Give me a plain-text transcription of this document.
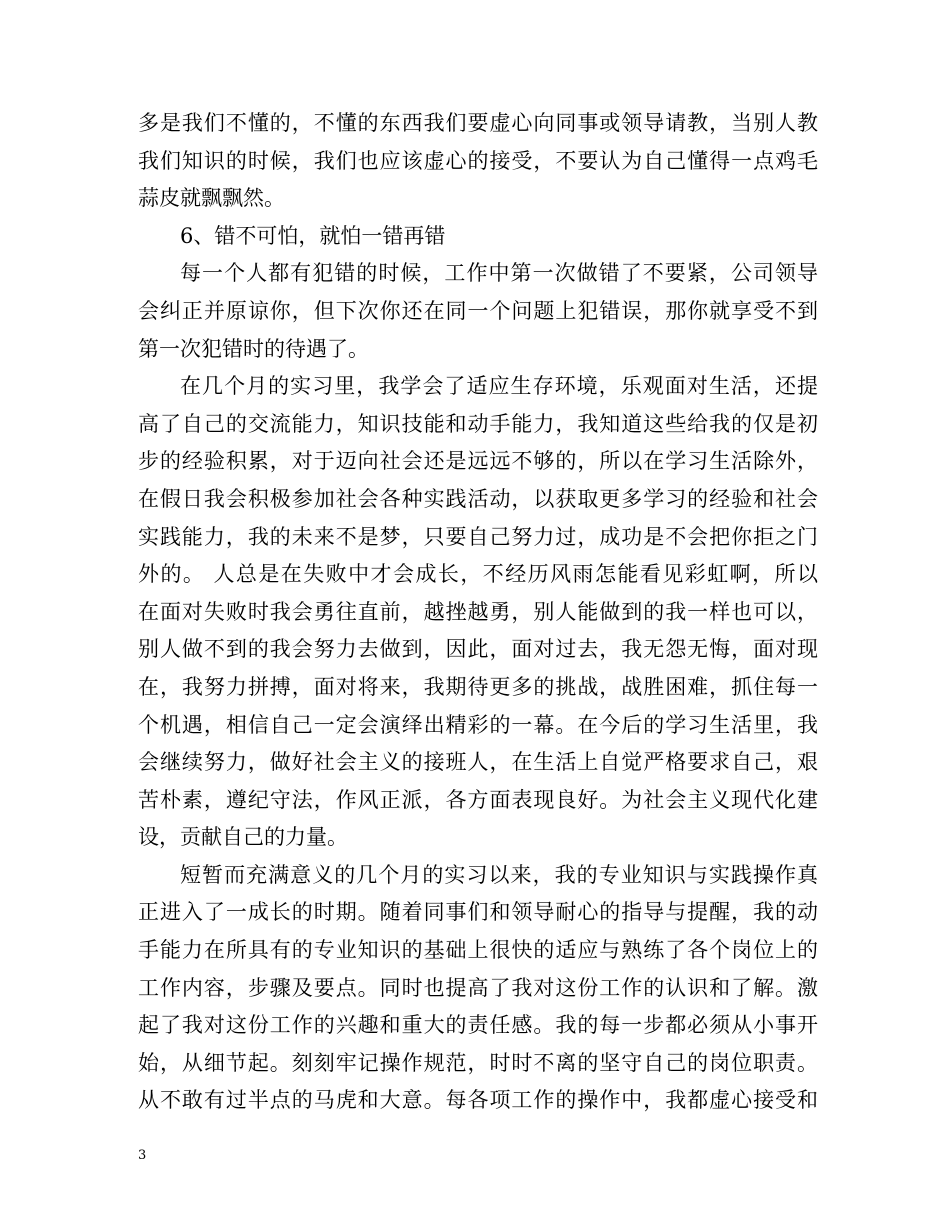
多是我们不懂的，不懂的东西我们要虚心向同事或领导请教，当别人教
我们知识的时候，我们也应该虚心的接受，不要认为自己懂得一点鸡毛
蒜皮就飘飘然。
6、错不可怕，就怕一错再错
每一个人都有犯错的时候，工作中第一次做错了不要紧，公司领导
会纠正并原谅你，但下次你还在同一个问题上犯错误，那你就享受不到
第一次犯错时的待遇了。
在几个月的实习里，我学会了适应生存环境，乐观面对生活，还提
高了自己的交流能力，知识技能和动手能力，我知道这些给我的仅是初
步的经验积累，对于迈向社会还是远远不够的，所以在学习生活除外，
在假日我会积极参加社会各种实践活动，以获取更多学习的经验和社会
实践能力，我的未来不是梦，只要自己努力过，成功是不会把你拒之门
外的。 人总是在失败中才会成长，不经历风雨怎能看见彩虹啊，所以
在面对失败时我会勇往直前，越挫越勇，别人能做到的我一样也可以，
别人做不到的我会努力去做到，因此，面对过去，我无怨无悔，面对现
在，我努力拼搏，面对将来，我期待更多的挑战，战胜困难，抓住每一
个机遇，相信自己一定会演绎出精彩的一幕。在今后的学习生活里，我
会继续努力，做好社会主义的接班人，在生活上自觉严格要求自己，艰
苦朴素，遵纪守法，作风正派，各方面表现良好。为社会主义现代化建
设，贡献自己的力量。
短暂而充满意义的几个月的实习以来，我的专业知识与实践操作真
正进入了一成长的时期。随着同事们和领导耐心的指导与提醒，我的动
手能力在所具有的专业知识的基础上很快的适应与熟练了各个岗位上的
工作内容，步骤及要点。同时也提高了我对这份工作的认识和了解。激
起了我对这份工作的兴趣和重大的责任感。我的每一步都必须从小事开
始，从细节起。刻刻牢记操作规范，时时不离的坚守自己的岗位职责。
从不敢有过半点的马虎和大意。每各项工作的操作中，我都虚心接受和
3
